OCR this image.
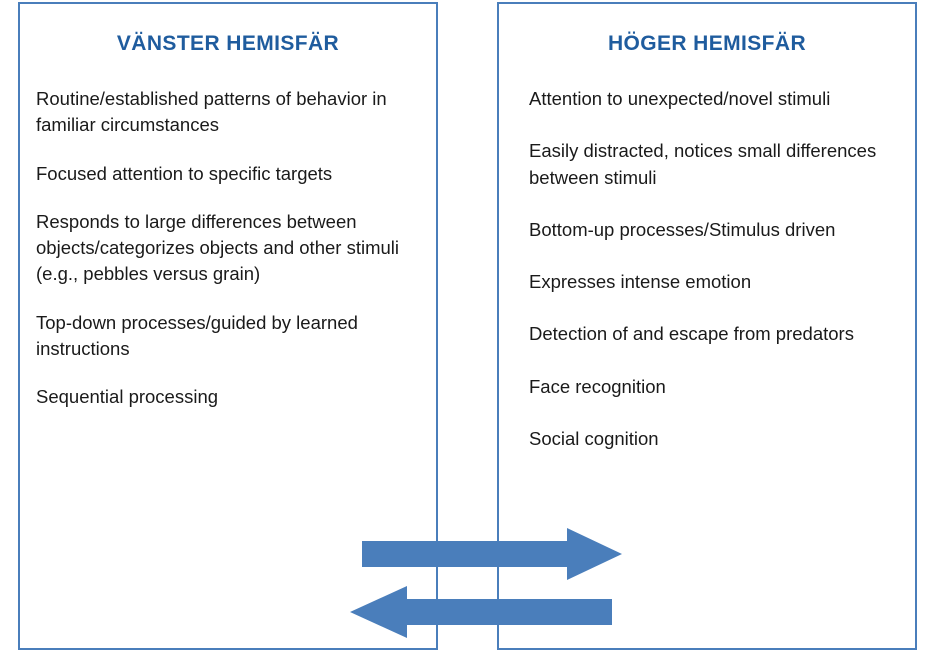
VÄNSTER HEMISFÄR
Routine/established patterns of behavior in familiar circumstances
Focused attention to specific targets
Responds to large differences between objects/categorizes objects and other stimuli (e.g., pebbles versus grain)
Top-down processes/guided by learned instructions
Sequential processing
HÖGER HEMISFÄR
Attention to unexpected/novel stimuli
Easily distracted, notices small differences between stimuli
Bottom-up processes/Stimulus driven
Expresses intense emotion
Detection of and escape from predators
Face recognition
Social cognition
